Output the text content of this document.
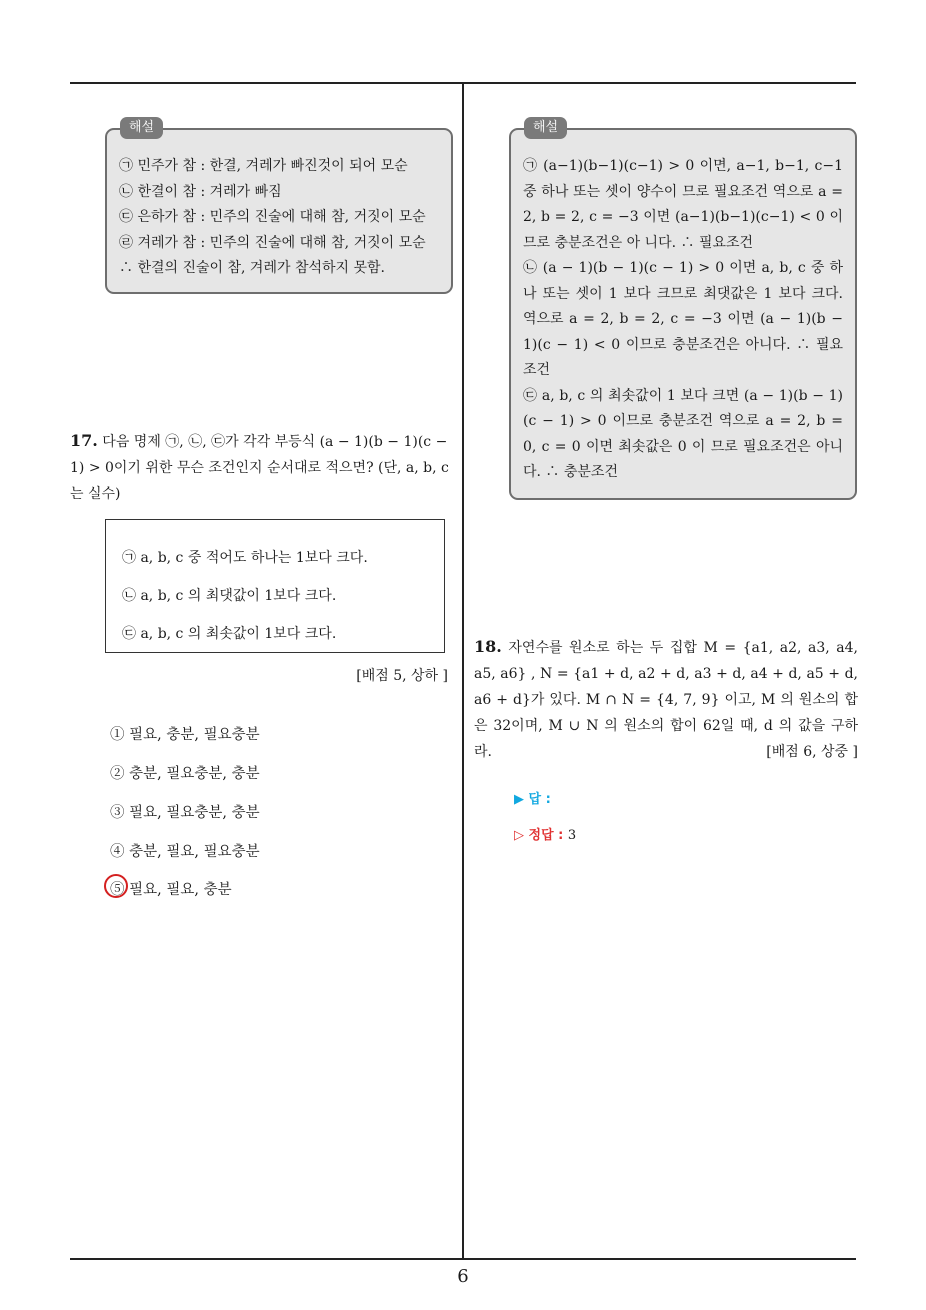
해설
㉠ 민주가 참 : 한결, 겨레가 빠진것이 되어 모순
㉡ 한결이 참 : 겨레가 빠짐
㉢ 은하가 참 : 민주의 진술에 대해 참, 거짓이 모순
㉣ 겨레가 참 : 민주의 진술에 대해 참, 거짓이 모순
∴ 한결의 진술이 참, 겨레가 참석하지 못함.
해설
㉠ (a−1)(b−1)(c−1) > 0 이면, a−1, b−1, c−1 중 하나 또는 셋이 양수이 므로 필요조건 역으로 a = 2, b = 2, c = −3 이면 (a−1)(b−1)(c−1) < 0 이므로 충분조건은 아 니다. ∴ 필요조건
㉡ (a − 1)(b − 1)(c − 1) > 0 이면 a, b, c 중 하나 또는 셋이 1 보다 크므로 최댓값은 1 보다 크다. 역으로 a = 2, b = 2, c = −3 이면 (a − 1)(b − 1)(c − 1) < 0 이므로 충분조건은 아니다. ∴ 필요조건
㉢ a, b, c 의 최솟값이 1 보다 크면 (a − 1)(b − 1)(c − 1) > 0 이므로 충분조건 역으로 a = 2, b = 0, c = 0 이면 최솟값은 0 이 므로 필요조건은 아니다. ∴ 충분조건
17. 다음 명제 ㉠, ㉡, ㉢가 각각 부등식 (a − 1)(b − 1)(c − 1) > 0이기 위한 무슨 조건인지 순서대로 적으면? (단, a, b, c 는 실수)
㉠ a, b, c 중 적어도 하나는 1보다 크다.
㉡ a, b, c 의 최댓값이 1보다 크다.
㉢ a, b, c 의 최솟값이 1보다 크다.
[배점 5, 상하 ]
① 필요, 충분, 필요충분
② 충분, 필요충분, 충분
③ 필요, 필요충분, 충분
④ 충분, 필요, 필요충분
⑤ 필요, 필요, 충분
18. 자연수를 원소로 하는 두 집합 M = {a1, a2, a3, a4, a5, a6} , N = {a1 + d, a2 + d, a3 + d, a4 + d, a5 + d, a6 + d}가 있다. M ∩ N = {4, 7, 9} 이고, M 의 원소의 합은 32이며, M ∪ N 의 원소의 합이 62일 때, d 의 값을 구하라.	[배점 6, 상중 ]
▶ 답 :
▷ 정답 : 3
6
